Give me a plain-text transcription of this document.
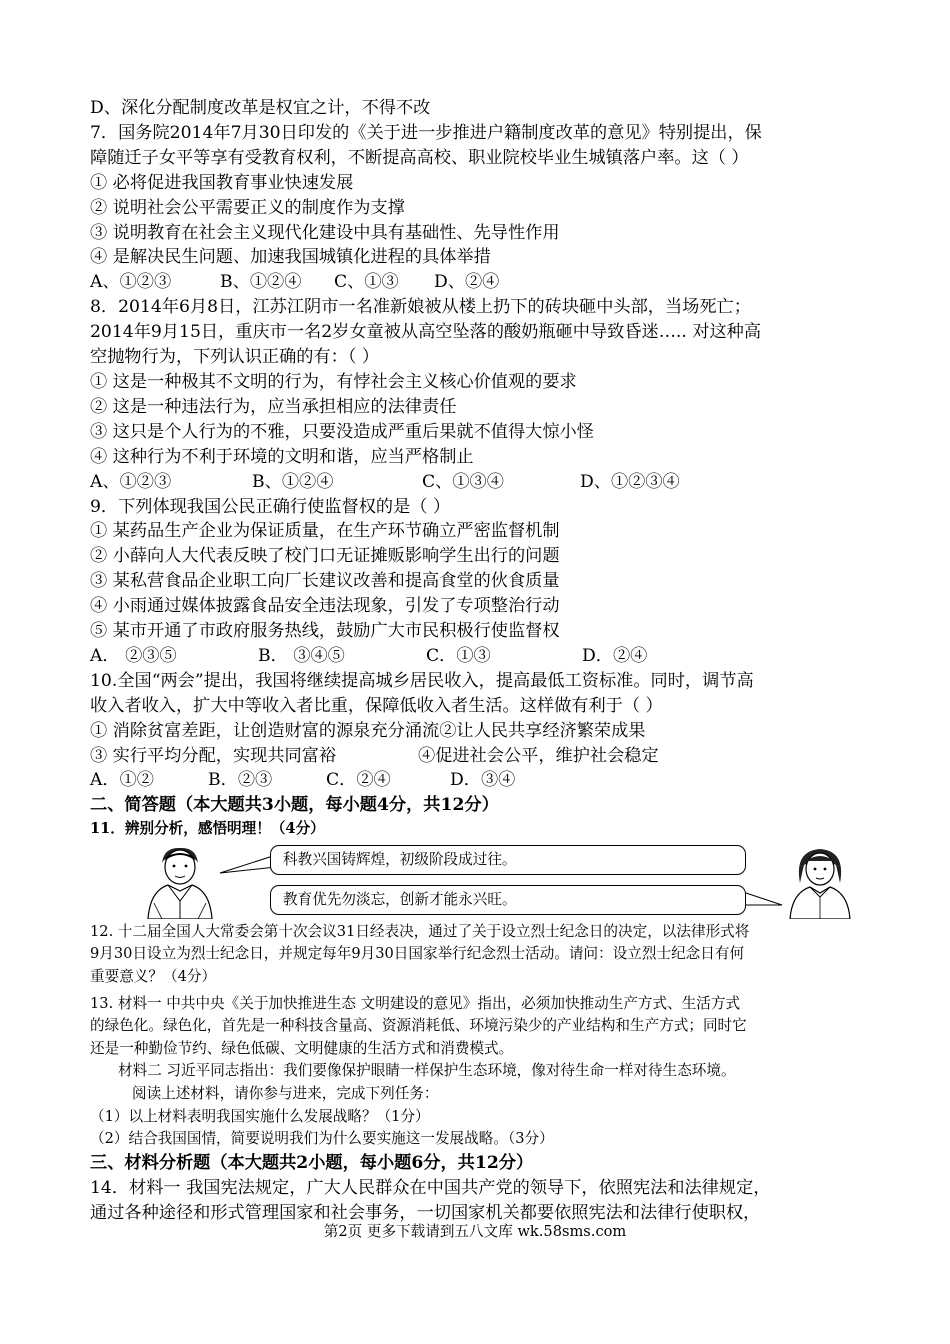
D、深化分配制度改革是权宜之计，不得不改
7．国务院2014年7月30日印发的《关于进一步推进户籍制度改革的意见》特别提出，保
障随迁子女平等享有受教育权利，不断提高高校、职业院校毕业生城镇落户率。这（ ）
① 必将促进我国教育事业快速发展
② 说明社会公平需要正义的制度作为支撑
③ 说明教育在社会主义现代化建设中具有基础性、先导性作用
④ 是解决民生问题、加速我国城镇化进程的具体举措
A、①②③	B、①②④ C、①③ D、②④
8．2014年6月8日，江苏江阴市一名准新娘被从楼上扔下的砖块砸中头部，当场死亡；
2014年9月15日，重庆市一名2岁女童被从高空坠落的酸奶瓶砸中导致昏迷….. 对这种高
空抛物行为，下列认识正确的有：（ ）
① 这是一种极其不文明的行为，有悖社会主义核心价值观的要求
② 这是一种违法行为，应当承担相应的法律责任
③ 这只是个人行为的不雅，只要没造成严重后果就不值得大惊小怪
④ 这种行为不利于环境的文明和谐，应当严格制止
A、①②③	B、①②④	C、①③④	D、①②③④
9．下列体现我国公民正确行使监督权的是（ ）
① 某药品生产企业为保证质量，在生产环节确立严密监督机制
② 小薛向人大代表反映了校门口无证摊贩影响学生出行的问题
③ 某私营食品企业职工向厂长建议改善和提高食堂的伙食质量
④ 小雨通过媒体披露食品安全违法现象，引发了专项整治行动
⑤ 某市开通了市政府服务热线，鼓励广大市民积极行使监督权
A． ②③⑤	B． ③④⑤	C．①③	D．②④
10.全国“两会”提出，我国将继续提高城乡居民收入，提高最低工资标准。同时，调节高
收入者收入，扩大中等收入者比重，保障低收入者生活。这样做有利于（ ）
① 消除贫富差距，让创造财富的源泉充分涌流②让人民共享经济繁荣成果
③ 实行平均分配，实现共同富裕	④促进社会公平，维护社会稳定
A．①②	B．②③	C．②④	D．③④
二、简答题（本大题共3小题，每小题4分，共12分）
11．辨别分析，感悟明理！（4分）
科教兴国铸辉煌，初级阶段成过往。
教育优先勿淡忘，创新才能永兴旺。
12. 十二届全国人大常委会第十次会议31日经表决，通过了关于设立烈士纪念日的决定，以法律形式将
9月30日设立为烈士纪念日，并规定每年9月30日国家举行纪念烈士活动。请问：设立烈士纪念日有何
重要意义？（4分）
13. 材料一 中共中央《关于加快推进生态 文明建设的意见》指出，必须加快推动生产方式、生活方式
的绿色化。绿色化，首先是一种科技含量高、资源消耗低、环境污染少的产业结构和生产方式；同时它
还是一种勤俭节约、绿色低碳、文明健康的生活方式和消费模式。
材料二 习近平同志指出：我们要像保护眼睛一样保护生态环境，像对待生命一样对待生态环境。
阅读上述材料，请你参与进来，完成下列任务：
（1）以上材料表明我国实施什么发展战略？（1分）
（2）结合我国国情，简要说明我们为什么要实施这一发展战略。（3分）
三、材料分析题（本大题共2小题，每小题6分，共12分）
14．材料一 我国宪法规定，广大人民群众在中国共产党的领导下，依照宪法和法律规定，
通过各种途径和形式管理国家和社会事务，一切国家机关都要依照宪法和法律行使职权，
第2页 更多下载请到五八文库 wk.58sms.com
